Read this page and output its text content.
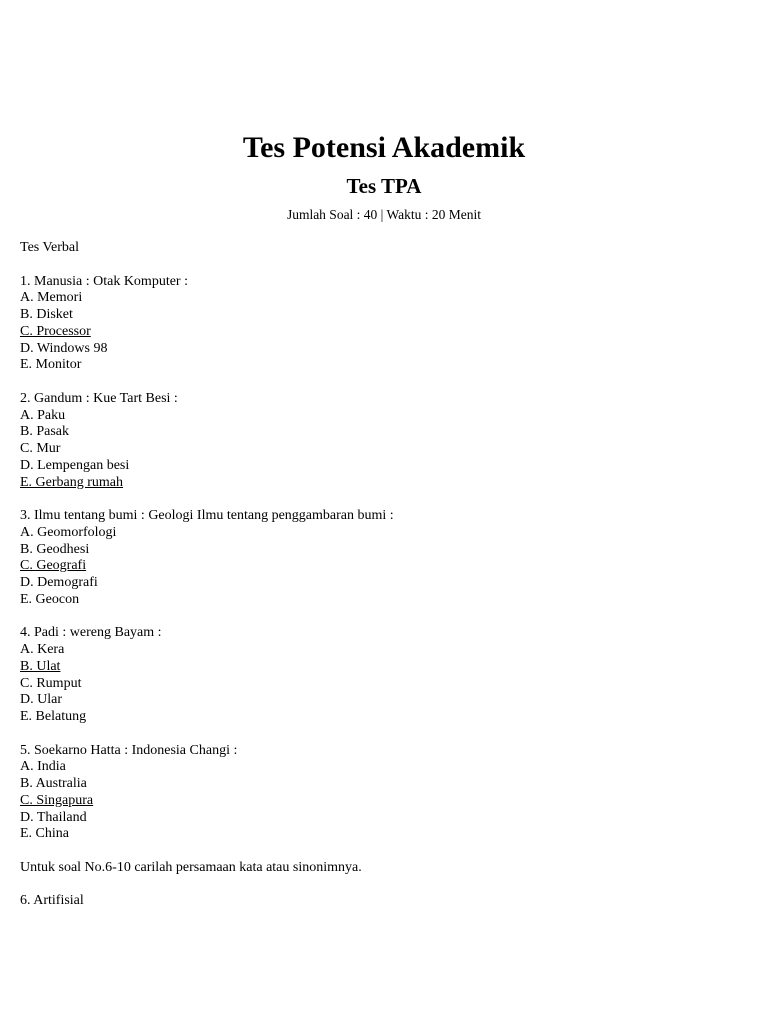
Tes Potensi Akademik
Tes TPA

Jumlah Soal : 40 | Waktu : 20 Menit

Tes Verbal
1. Manusia : Otak Komputer :
A. Memori
B. Disket
C. Processor
D. Windows 98
E. Monitor
2. Gandum : Kue Tart Besi :
A. Paku
B. Pasak
C. Mur
D. Lempengan besi
E. Gerbang rumah
3. Ilmu tentang bumi : Geologi Ilmu tentang penggambaran bumi :
A. Geomorfologi
B. Geodhesi
C. Geografi
D. Demografi
E. Geocon
4. Padi : wereng Bayam :
A. Kera
B. Ulat
C. Rumput
D. Ular
E. Belatung
5. Soekarno Hatta : Indonesia Changi :
A. India
B. Australia
C. Singapura
D. Thailand
E. China
Untuk soal No.6-10 carilah persamaan kata atau sinonimnya.
6. Artifisial
